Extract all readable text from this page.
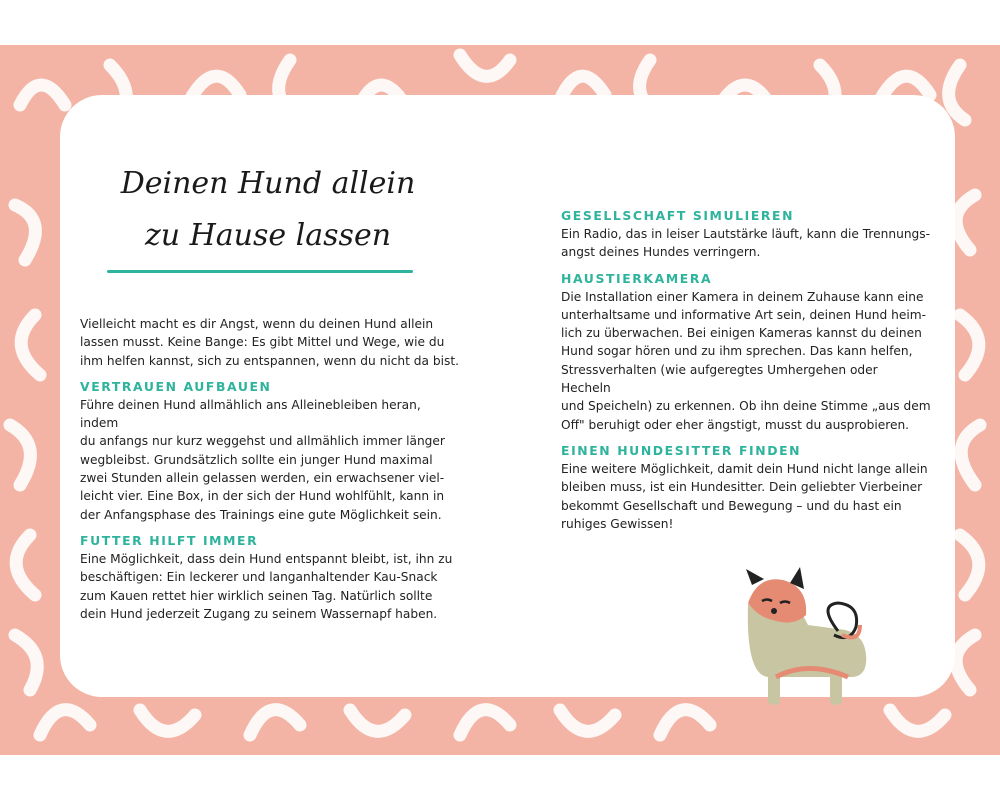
Deinen Hund allein
zu Hause lassen

Vielleicht macht es dir Angst, wenn du deinen Hund allein
lassen musst. Keine Bange: Es gibt Mittel und Wege, wie du
ihm helfen kannst, sich zu entspannen, wenn du nicht da bist.

VERTRAUEN AUFBAUEN

Führe deinen Hund allmählich ans Alleinebleiben heran, indem
du anfangs nur kurz weggehst und allmählich immer länger
wegbleibst. Grundsätzlich sollte ein junger Hund maximal
zwei Stunden allein gelassen werden, ein erwachsener viel-
leicht vier. Eine Box, in der sich der Hund wohlfühlt, kann in
der Anfangsphase des Trainings eine gute Möglichkeit sein.

FUTTER HILFT IMMER

Eine Möglichkeit, dass dein Hund entspannt bleibt, ist, ihn zu
beschäftigen: Ein leckerer und langanhaltender Kau-Snack
zum Kauen rettet hier wirklich seinen Tag. Natürlich sollte
dein Hund jederzeit Zugang zu seinem Wassernapf haben.

GESELLSCHAFT SIMULIEREN

Ein Radio, das in leiser Lautstärke läuft, kann die Trennungs-
angst deines Hundes verringern.

HAUSTIERKAMERA

Die Installation einer Kamera in deinem Zuhause kann eine
unterhaltsame und informative Art sein, deinen Hund heim-
lich zu überwachen. Bei einigen Kameras kannst du deinen
Hund sogar hören und zu ihm sprechen. Das kann helfen,
Stressverhalten (wie aufgeregtes Umhergehen oder Hecheln
und Speicheln) zu erkennen. Ob ihn deine Stimme „aus dem
Off" beruhigt oder eher ängstigt, musst du ausprobieren.

EINEN HUNDESITTER FINDEN

Eine weitere Möglichkeit, damit dein Hund nicht lange allein
bleiben muss, ist ein Hundesitter. Dein geliebter Vierbeiner
bekommt Gesellschaft und Bewegung – und du hast ein
ruhiges Gewissen!
